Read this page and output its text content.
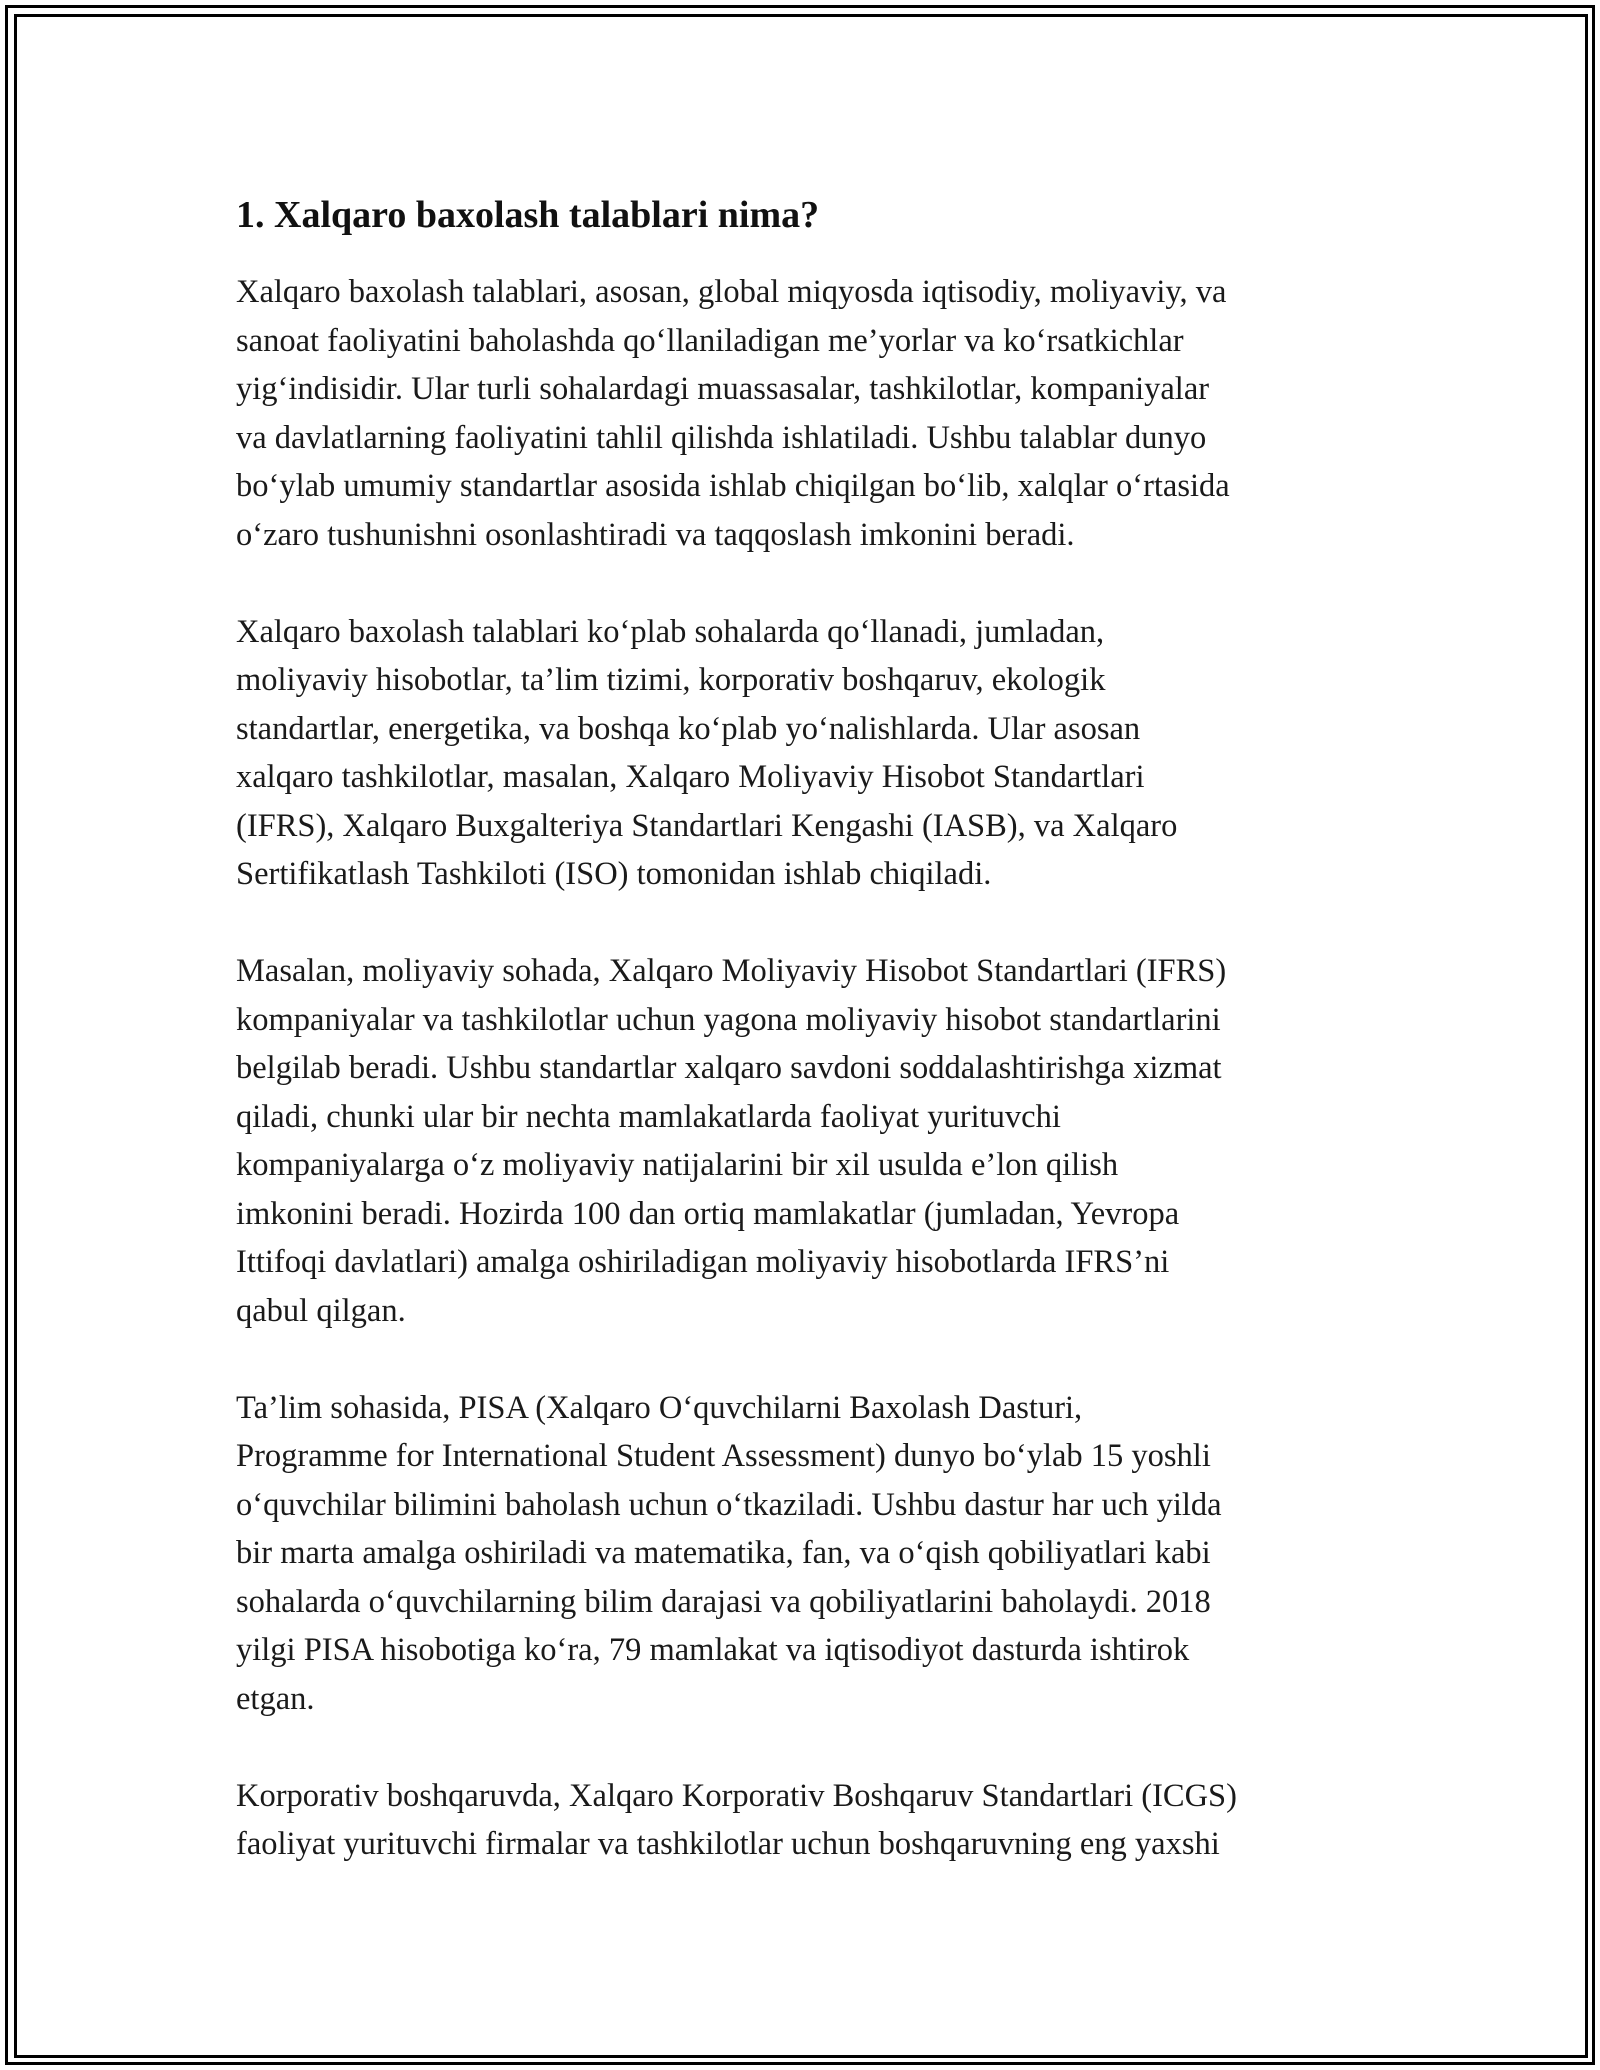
1. Xalqaro baxolash talablari nima?

Xalqaro baxolash talablari, asosan, global miqyosda iqtisodiy, moliyaviy, va
sanoat faoliyatini baholashda qo‘llaniladigan me’yorlar va ko‘rsatkichlar
yig‘indisidir. Ular turli sohalardagi muassasalar, tashkilotlar, kompaniyalar
va davlatlarning faoliyatini tahlil qilishda ishlatiladi. Ushbu talablar dunyo
bo‘ylab umumiy standartlar asosida ishlab chiqilgan bo‘lib, xalqlar o‘rtasida
o‘zaro tushunishni osonlashtiradi va taqqoslash imkonini beradi.

Xalqaro baxolash talablari ko‘plab sohalarda qo‘llanadi, jumladan,
moliyaviy hisobotlar, ta’lim tizimi, korporativ boshqaruv, ekologik
standartlar, energetika, va boshqa ko‘plab yo‘nalishlarda. Ular asosan
xalqaro tashkilotlar, masalan, Xalqaro Moliyaviy Hisobot Standartlari
(IFRS), Xalqaro Buxgalteriya Standartlari Kengashi (IASB), va Xalqaro
Sertifikatlash Tashkiloti (ISO) tomonidan ishlab chiqiladi.

Masalan, moliyaviy sohada, Xalqaro Moliyaviy Hisobot Standartlari (IFRS)
kompaniyalar va tashkilotlar uchun yagona moliyaviy hisobot standartlarini
belgilab beradi. Ushbu standartlar xalqaro savdoni soddalashtirishga xizmat
qiladi, chunki ular bir nechta mamlakatlarda faoliyat yurituvchi
kompaniyalarga o‘z moliyaviy natijalarini bir xil usulda e’lon qilish
imkonini beradi. Hozirda 100 dan ortiq mamlakatlar (jumladan, Yevropa
Ittifoqi davlatlari) amalga oshiriladigan moliyaviy hisobotlarda IFRS’ni
qabul qilgan.

Ta’lim sohasida, PISA (Xalqaro O‘quvchilarni Baxolash Dasturi,
Programme for International Student Assessment) dunyo bo‘ylab 15 yoshli
o‘quvchilar bilimini baholash uchun o‘tkaziladi. Ushbu dastur har uch yilda
bir marta amalga oshiriladi va matematika, fan, va o‘qish qobiliyatlari kabi
sohalarda o‘quvchilarning bilim darajasi va qobiliyatlarini baholaydi. 2018
yilgi PISA hisobotiga ko‘ra, 79 mamlakat va iqtisodiyot dasturda ishtirok
etgan.

Korporativ boshqaruvda, Xalqaro Korporativ Boshqaruv Standartlari (ICGS)
faoliyat yurituvchi firmalar va tashkilotlar uchun boshqaruvning eng yaxshi
